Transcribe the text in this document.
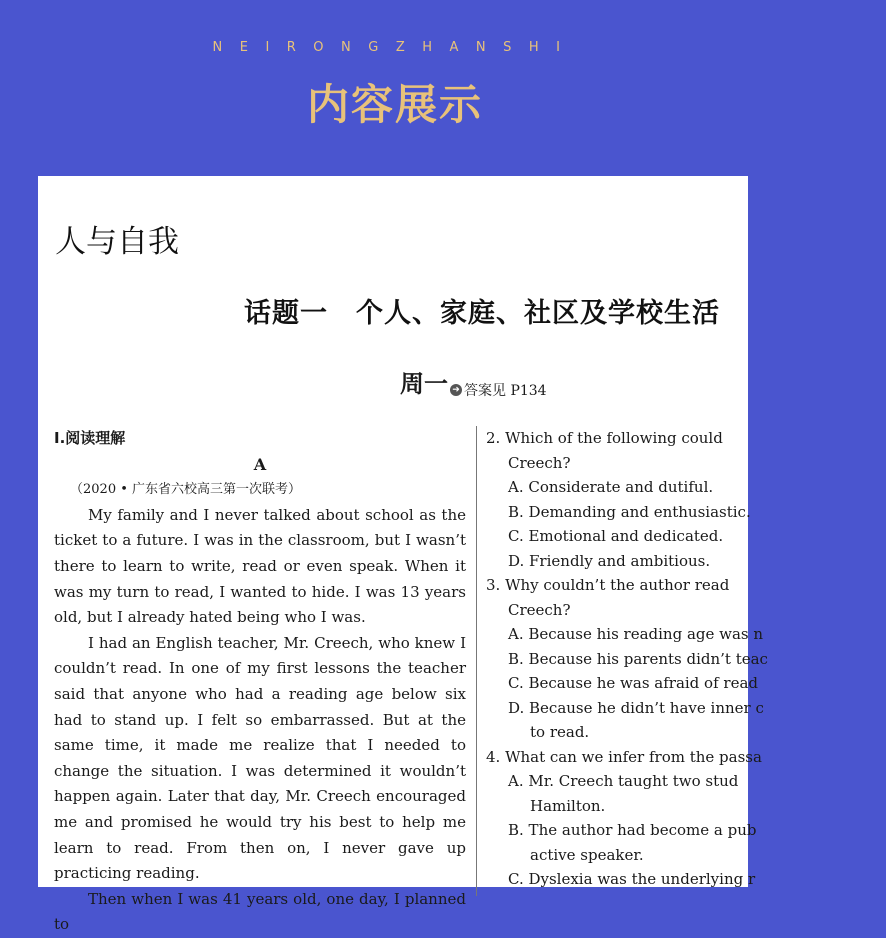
NEIRONGZHANSHI
内容展示
人与自我
话题一　个人、家庭、社区及学校生活
周一 ➜ 答案见 P134
Ⅰ.阅读理解
A
（2020 • 广东省六校高三第一次联考）
My family and I never talked about school as the ticket to a future. I was in the classroom, but I wasn’t there to learn to write, read or even speak. When it was my turn to read, I wanted to hide. I was 13 years old, but I already hated being who I was.
I had an English teacher, Mr. Creech, who knew I couldn’t read. In one of my first lessons the teacher said that anyone who had a reading age below six had to stand up. I felt so embarrassed. But at the same time, it made me realize that I needed to change the situation. I was determined it wouldn’t happen again. Later that day, Mr. Creech encouraged me and promised he would try his best to help me learn to read. From then on, I never gave up practicing reading.
Then when I was 41 years old, one day, I planned to
2. Which of the following could
Creech?
A. Considerate and dutiful.
B. Demanding and enthusiastic.
C. Emotional and dedicated.
D. Friendly and ambitious.
3. Why couldn’t the author read
Creech?
A. Because his reading age was n
B. Because his parents didn’t teac
C. Because he was afraid of read
D. Because he didn’t have inner c
to read.
4. What can we infer from the passa
A. Mr. Creech taught two stud
Hamilton.
B. The author had become a pub
active speaker.
C. Dyslexia was the underlying r
